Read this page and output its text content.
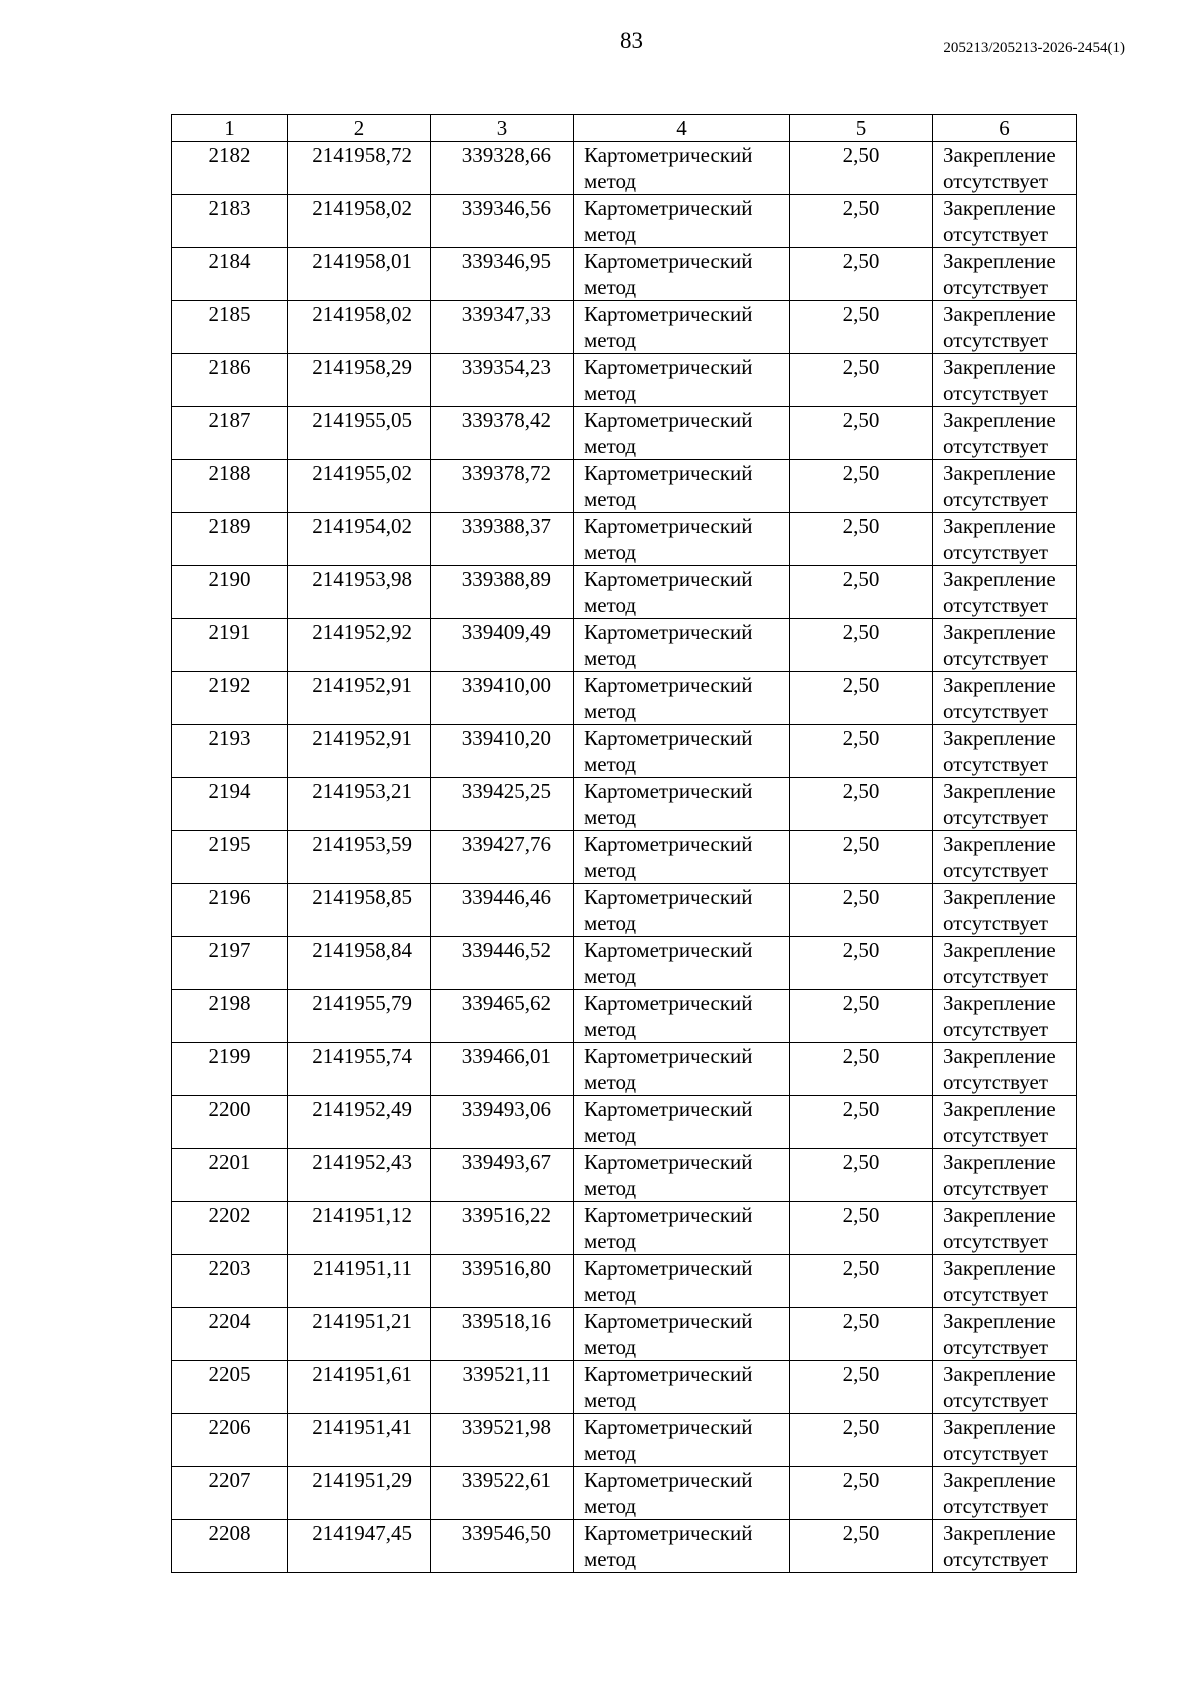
83	205213/205213-2026-2454(1)
1	2	3	4	5	6
2182	2141958,72	339328,66	Картометрический метод	2,50	Закрепление отсутствует
2183	2141958,02	339346,56	Картометрический метод	2,50	Закрепление отсутствует
2184	2141958,01	339346,95	Картометрический метод	2,50	Закрепление отсутствует
2185	2141958,02	339347,33	Картометрический метод	2,50	Закрепление отсутствует
2186	2141958,29	339354,23	Картометрический метод	2,50	Закрепление отсутствует
2187	2141955,05	339378,42	Картометрический метод	2,50	Закрепление отсутствует
2188	2141955,02	339378,72	Картометрический метод	2,50	Закрепление отсутствует
2189	2141954,02	339388,37	Картометрический метод	2,50	Закрепление отсутствует
2190	2141953,98	339388,89	Картометрический метод	2,50	Закрепление отсутствует
2191	2141952,92	339409,49	Картометрический метод	2,50	Закрепление отсутствует
2192	2141952,91	339410,00	Картометрический метод	2,50	Закрепление отсутствует
2193	2141952,91	339410,20	Картометрический метод	2,50	Закрепление отсутствует
2194	2141953,21	339425,25	Картометрический метод	2,50	Закрепление отсутствует
2195	2141953,59	339427,76	Картометрический метод	2,50	Закрепление отсутствует
2196	2141958,85	339446,46	Картометрический метод	2,50	Закрепление отсутствует
2197	2141958,84	339446,52	Картометрический метод	2,50	Закрепление отсутствует
2198	2141955,79	339465,62	Картометрический метод	2,50	Закрепление отсутствует
2199	2141955,74	339466,01	Картометрический метод	2,50	Закрепление отсутствует
2200	2141952,49	339493,06	Картометрический метод	2,50	Закрепление отсутствует
2201	2141952,43	339493,67	Картометрический метод	2,50	Закрепление отсутствует
2202	2141951,12	339516,22	Картометрический метод	2,50	Закрепление отсутствует
2203	2141951,11	339516,80	Картометрический метод	2,50	Закрепление отсутствует
2204	2141951,21	339518,16	Картометрический метод	2,50	Закрепление отсутствует
2205	2141951,61	339521,11	Картометрический метод	2,50	Закрепление отсутствует
2206	2141951,41	339521,98	Картометрический метод	2,50	Закрепление отсутствует
2207	2141951,29	339522,61	Картометрический метод	2,50	Закрепление отсутствует
2208	2141947,45	339546,50	Картометрический метод	2,50	Закрепление отсутствует
